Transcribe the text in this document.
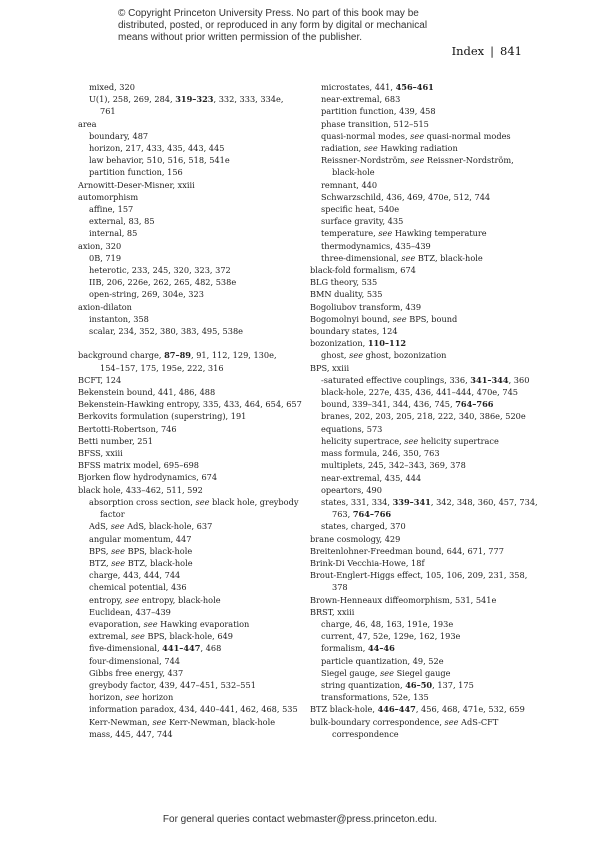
© Copyright Princeton University Press. No part of this book may be distributed, posted, or reproduced in any form by digital or mechanical means without prior written permission of the publisher.
Index | 841
mixed, 320
U(1), 258, 269, 284, 319–323, 332, 333, 334e,
761
area
boundary, 487
horizon, 217, 433, 435, 443, 445
law behavior, 510, 516, 518, 541e
partition function, 156
Arnowitt-Deser-Misner, xxiii
automorphism
affine, 157
external, 83, 85
internal, 85
axion, 320
0B, 719
heterotic, 233, 245, 320, 323, 372
IIB, 206, 226e, 262, 265, 482, 538e
open-string, 269, 304e, 323
axion-dilaton
instanton, 358
scalar, 234, 352, 380, 383, 495, 538e
background charge, 87–89, 91, 112, 129, 130e,
154–157, 175, 195e, 222, 316
BCFT, 124
Bekenstein bound, 441, 486, 488
Bekenstein-Hawking entropy, 335, 433, 464, 654, 657
Berkovits formulation (superstring), 191
Bertotti-Robertson, 746
Betti number, 251
BFSS, xxiii
BFSS matrix model, 695–698
Bjorken flow hydrodynamics, 674
black hole, 433–462, 511, 592
absorption cross section, see black hole, greybody
factor
AdS, see AdS, black-hole, 637
angular momentum, 447
BPS, see BPS, black-hole
BTZ, see BTZ, black-hole
charge, 443, 444, 744
chemical potential, 436
entropy, see entropy, black-hole
Euclidean, 437–439
evaporation, see Hawking evaporation
extremal, see BPS, black-hole, 649
five-dimensional, 441–447, 468
four-dimensional, 744
Gibbs free energy, 437
greybody factor, 439, 447–451, 532–551
horizon, see horizon
information paradox, 434, 440–441, 462, 468, 535
Kerr-Newman, see Kerr-Newman, black-hole
mass, 445, 447, 744
microstates, 441, 456–461
near-extremal, 683
partition function, 439, 458
phase transition, 512–515
quasi-normal modes, see quasi-normal modes
radiation, see Hawking radiation
Reissner-Nordström, see Reissner-Nordström,
black-hole
remnant, 440
Schwarzschild, 436, 469, 470e, 512, 744
specific heat, 540e
surface gravity, 435
temperature, see Hawking temperature
thermodynamics, 435–439
three-dimensional, see BTZ, black-hole
black-fold formalism, 674
BLG theory, 535
BMN duality, 535
Bogoliubov transform, 439
Bogomolnyi bound, see BPS, bound
boundary states, 124
bozonization, 110–112
ghost, see ghost, bozonization
BPS, xxiii
-saturated effective couplings, 336, 341–344, 360
black-hole, 227e, 435, 436, 441–444, 470e, 745
bound, 339–341, 344, 436, 745, 764–766
branes, 202, 203, 205, 218, 222, 340, 386e, 520e
equations, 573
helicity supertrace, see helicity supertrace
mass formula, 246, 350, 763
multiplets, 245, 342–343, 369, 378
near-extremal, 435, 444
opeartors, 490
states, 331, 334, 339–341, 342, 348, 360, 457, 734,
763, 764–766
states, charged, 370
brane cosmology, 429
Breitenlohner-Freedman bound, 644, 671, 777
Brink-Di Vecchia-Howe, 18f
Brout-Englert-Higgs effect, 105, 106, 209, 231, 358,
378
Brown-Henneaux diffeomorphism, 531, 541e
BRST, xxiii
charge, 46, 48, 163, 191e, 193e
current, 47, 52e, 129e, 162, 193e
formalism, 44–46
particle quantization, 49, 52e
Siegel gauge, see Siegel gauge
string quantization, 46–50, 137, 175
transformations, 52e, 135
BTZ black-hole, 446–447, 456, 468, 471e, 532, 659
bulk-boundary correspondence, see AdS-CFT
correspondence
For general queries contact webmaster@press.princeton.edu.
